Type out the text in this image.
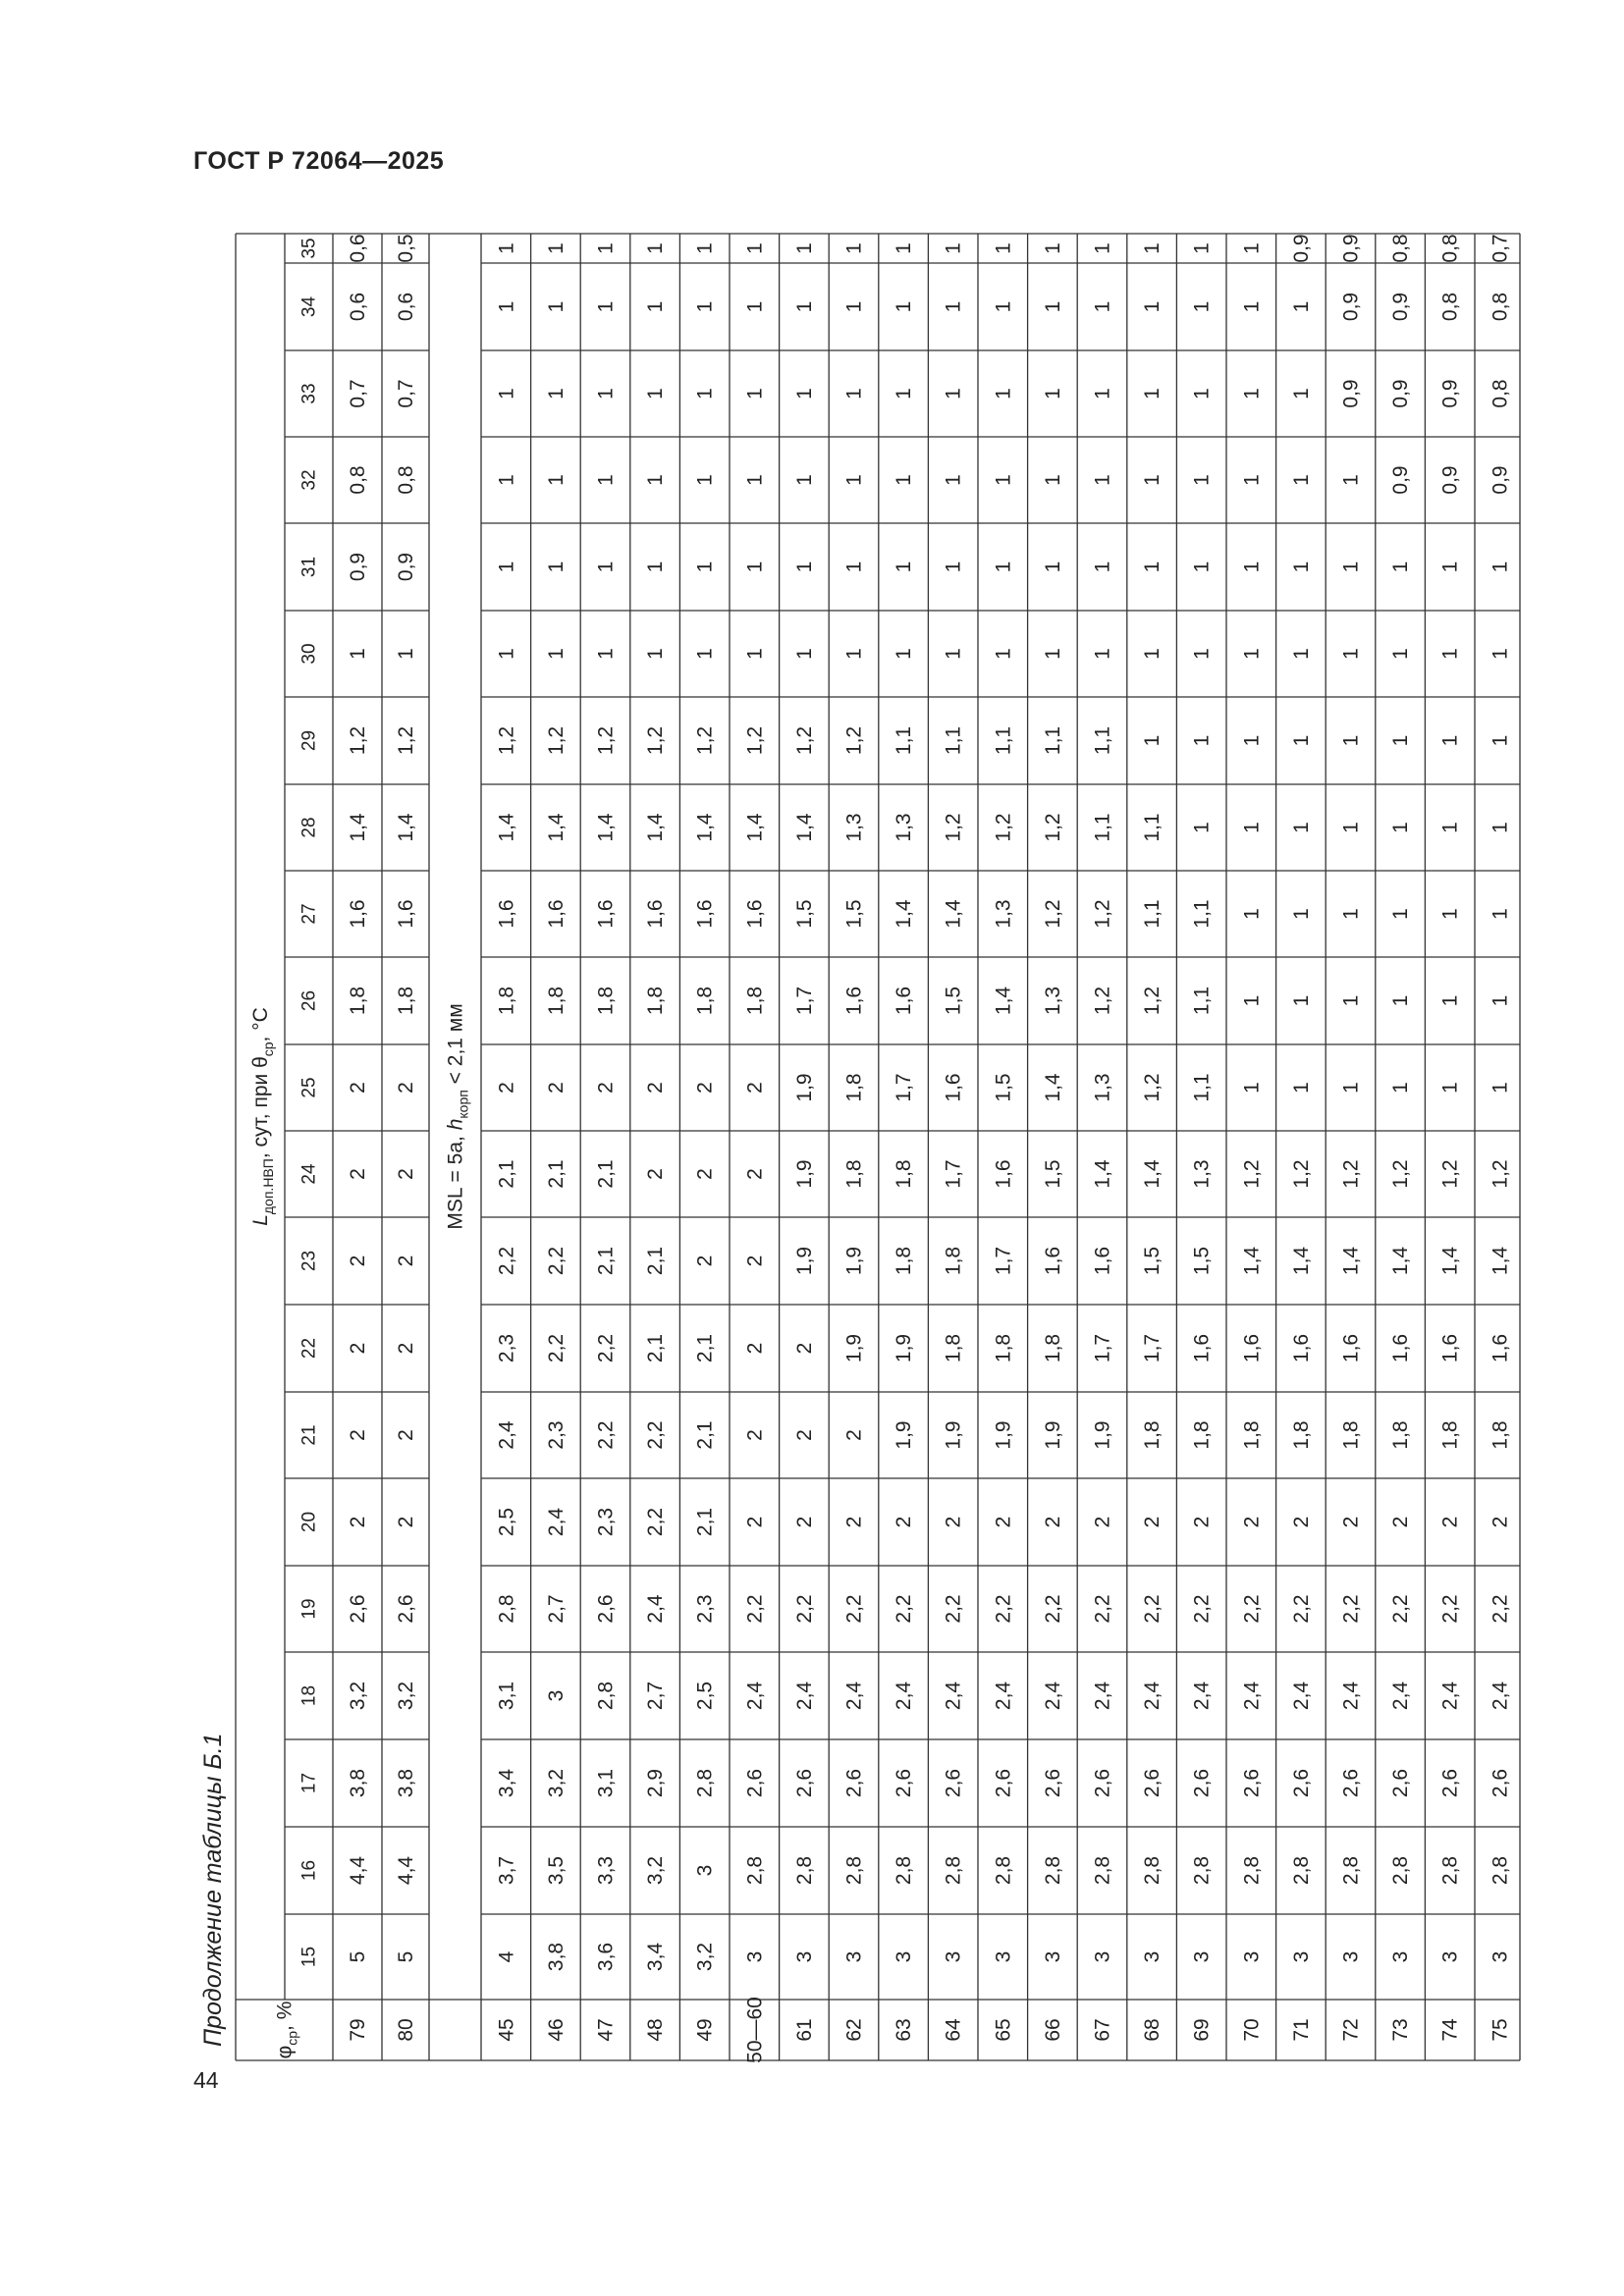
ГОСТ Р 72064—2025
Продолжение таблицы Б.1
44
$\varphi_{ср}$, %
$L_{доп.НВП}$, сут, при $\theta_{ср}$, °C
15
16
17
18
19
20
21
22
23
24
25
26
27
28
29
30
31
32
33
34
35
79
5
4,4
3,8
3,2
2,6
2
2
2
2
2
2
1,8
1,6
1,4
1,2
1
0,9
0,8
0,7
0,6
0,6
80
5
4,4
3,8
3,2
2,6
2
2
2
2
2
2
1,8
1,6
1,4
1,2
1
0,9
0,8
0,7
0,6
0,5
MSL = 5a, $h_{корп} < 2,1$ мм
45
4
3,7
3,4
3,1
2,8
2,5
2,4
2,3
2,2
2,1
2
1,8
1,6
1,4
1,2
1
1
1
1
1
1
46
3,8
3,5
3,2
3
2,7
2,4
2,3
2,2
2,2
2,1
2
1,8
1,6
1,4
1,2
1
1
1
1
1
1
47
3,6
3,3
3,1
2,8
2,6
2,3
2,2
2,2
2,1
2,1
2
1,8
1,6
1,4
1,2
1
1
1
1
1
1
48
3,4
3,2
2,9
2,7
2,4
2,2
2,2
2,1
2,1
2
2
1,8
1,6
1,4
1,2
1
1
1
1
1
1
49
3,2
3
2,8
2,5
2,3
2,1
2,1
2,1
2
2
2
1,8
1,6
1,4
1,2
1
1
1
1
1
1
50—60
3
2,8
2,6
2,4
2,2
2
2
2
2
2
2
1,8
1,6
1,4
1,2
1
1
1
1
1
1
61
3
2,8
2,6
2,4
2,2
2
2
2
1,9
1,9
1,9
1,7
1,5
1,4
1,2
1
1
1
1
1
1
62
3
2,8
2,6
2,4
2,2
2
2
1,9
1,9
1,8
1,8
1,6
1,5
1,3
1,2
1
1
1
1
1
1
63
3
2,8
2,6
2,4
2,2
2
1,9
1,9
1,8
1,8
1,7
1,6
1,4
1,3
1,1
1
1
1
1
1
1
64
3
2,8
2,6
2,4
2,2
2
1,9
1,8
1,8
1,7
1,6
1,5
1,4
1,2
1,1
1
1
1
1
1
1
65
3
2,8
2,6
2,4
2,2
2
1,9
1,8
1,7
1,6
1,5
1,4
1,3
1,2
1,1
1
1
1
1
1
1
66
3
2,8
2,6
2,4
2,2
2
1,9
1,8
1,6
1,5
1,4
1,3
1,2
1,2
1,1
1
1
1
1
1
1
67
3
2,8
2,6
2,4
2,2
2
1,9
1,7
1,6
1,4
1,3
1,2
1,2
1,1
1,1
1
1
1
1
1
1
68
3
2,8
2,6
2,4
2,2
2
1,8
1,7
1,5
1,4
1,2
1,2
1,1
1,1
1
1
1
1
1
1
1
69
3
2,8
2,6
2,4
2,2
2
1,8
1,6
1,5
1,3
1,1
1,1
1,1
1
1
1
1
1
1
1
1
70
3
2,8
2,6
2,4
2,2
2
1,8
1,6
1,4
1,2
1
1
1
1
1
1
1
1
1
1
1
71
3
2,8
2,6
2,4
2,2
2
1,8
1,6
1,4
1,2
1
1
1
1
1
1
1
1
1
1
0,9
72
3
2,8
2,6
2,4
2,2
2
1,8
1,6
1,4
1,2
1
1
1
1
1
1
1
1
0,9
0,9
0,9
73
3
2,8
2,6
2,4
2,2
2
1,8
1,6
1,4
1,2
1
1
1
1
1
1
1
0,9
0,9
0,9
0,8
74
3
2,8
2,6
2,4
2,2
2
1,8
1,6
1,4
1,2
1
1
1
1
1
1
1
0,9
0,9
0,8
0,8
75
3
2,8
2,6
2,4
2,2
2
1,8
1,6
1,4
1,2
1
1
1
1
1
1
1
0,9
0,8
0,8
0,7
